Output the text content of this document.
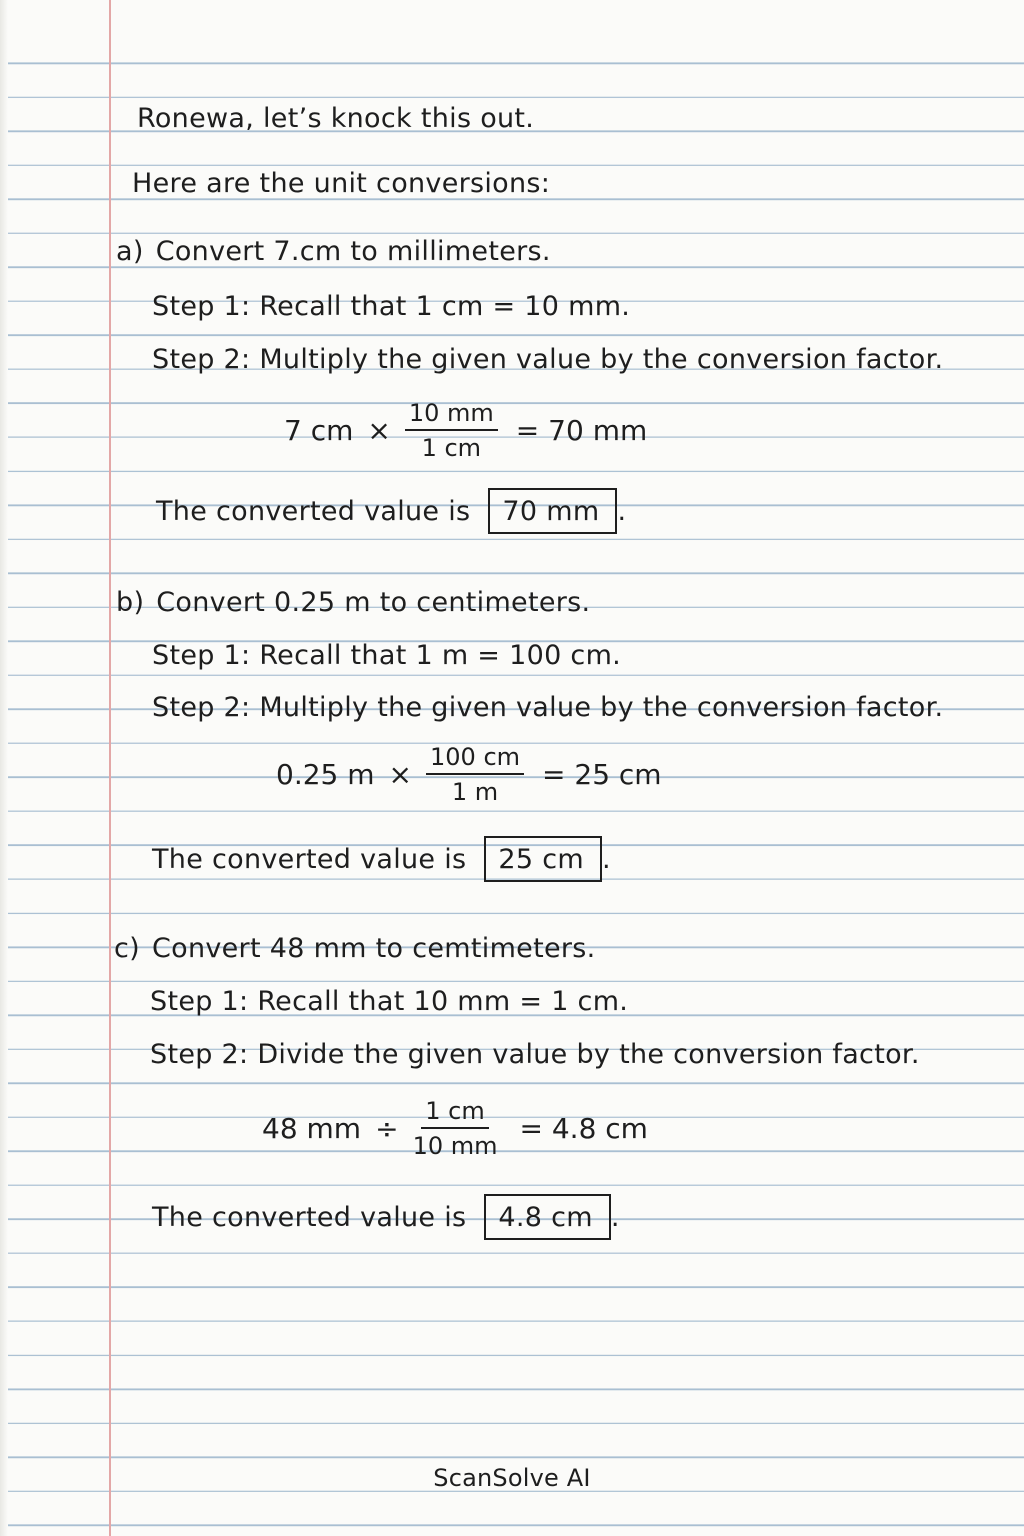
Ronewa, let’s knock this out.
Here are the unit conversions:
a) Convert 7.cm to millimeters.
Step 1: Recall that 1 cm = 10 mm.
Step 2: Multiply the given value by the conversion factor.
7 cm × $\frac{10 mm}{1 cm} = 70$ mm
The converted value is 70 mm .
b) Convert 0.25 m to centimeters.
Step 1: Recall that 1 m = 100 cm.
Step 2: Multiply the given value by the conversion factor.
0.25 $m \times \frac{100 cm}{1 m} = 25$ cm
The converted value is 25 cm .
c) Convert 48 mm to cemtimeters.
Step 1: Recall that 10 mm = 1 cm.
Step 2: Divide the given value by the conversion factor.
48 mm ÷ $\frac{1 cm}{10 mm} = 4.8$ cm
The converted value is 4.8 cm .
ScanSolve AI
